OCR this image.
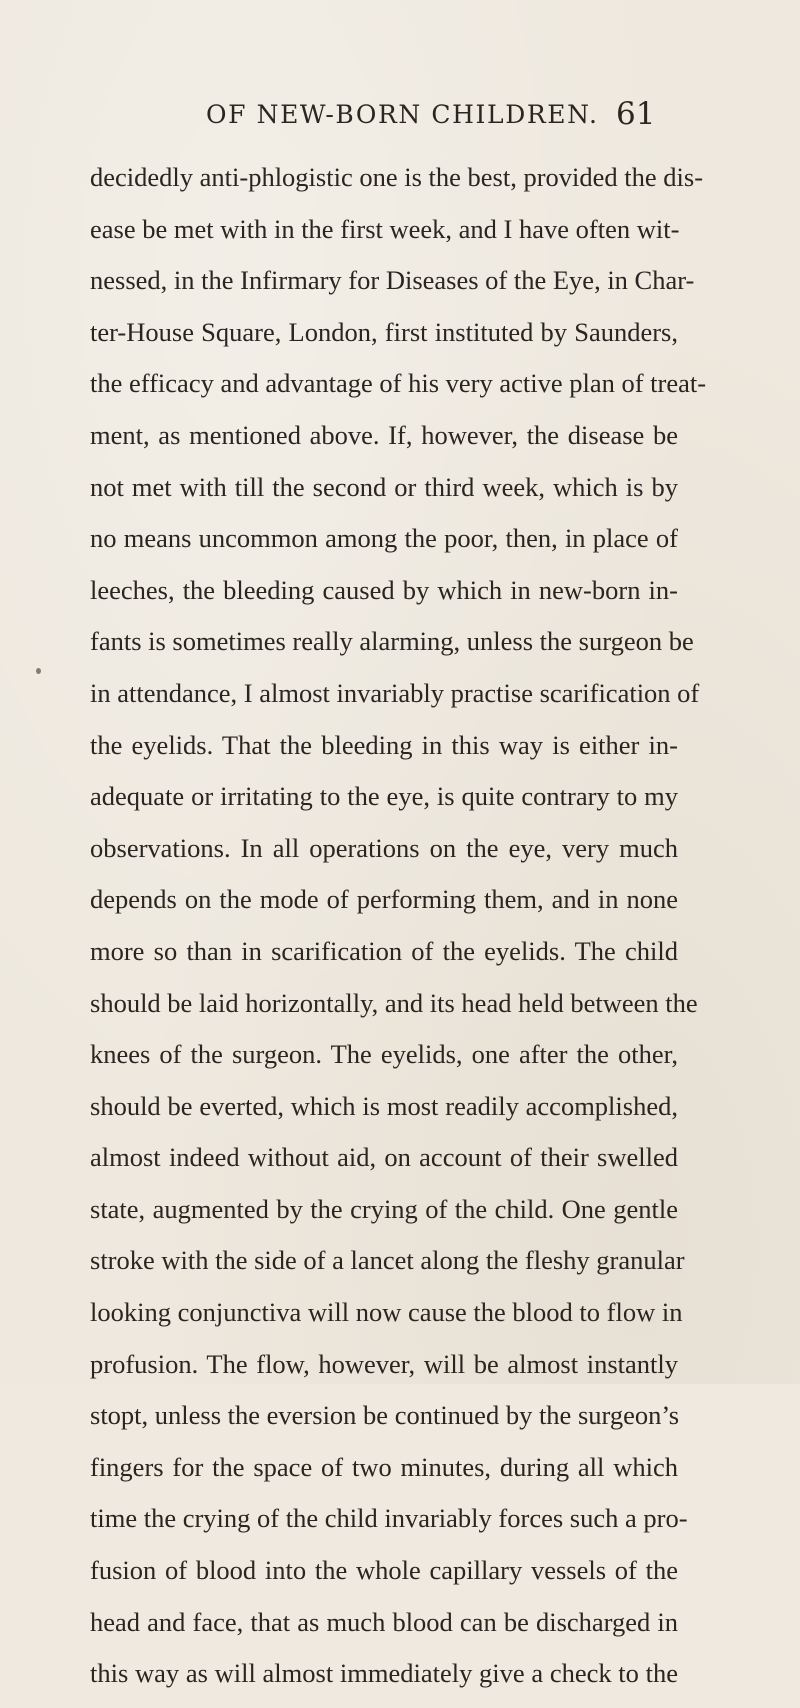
OF NEW-BORN CHILDREN. 61
decidedly anti-phlogistic one is the best, provided the dis-
ease be met with in the first week, and I have often wit-
nessed, in the Infirmary for Diseases of the Eye, in Char-
ter-House Square, London, first instituted by Saunders,
the efficacy and advantage of his very active plan of treat-
ment, as mentioned above. If, however, the disease be
not met with till the second or third week, which is by
no means uncommon among the poor, then, in place of
leeches, the bleeding caused by which in new-born in-
fants is sometimes really alarming, unless the surgeon be
in attendance, I almost invariably practise scarification of
the eyelids. That the bleeding in this way is either in-
adequate or irritating to the eye, is quite contrary to my
observations. In all operations on the eye, very much
depends on the mode of performing them, and in none
more so than in scarification of the eyelids. The child
should be laid horizontally, and its head held between the
knees of the surgeon. The eyelids, one after the other,
should be everted, which is most readily accomplished,
almost indeed without aid, on account of their swelled
state, augmented by the crying of the child. One gentle
stroke with the side of a lancet along the fleshy granular
looking conjunctiva will now cause the blood to flow in
profusion. The flow, however, will be almost instantly
stopt, unless the eversion be continued by the surgeon’s
fingers for the space of two minutes, during all which
time the crying of the child invariably forces such a pro-
fusion of blood into the whole capillary vessels of the
head and face, that as much blood can be discharged in
this way as will almost immediately give a check to the
